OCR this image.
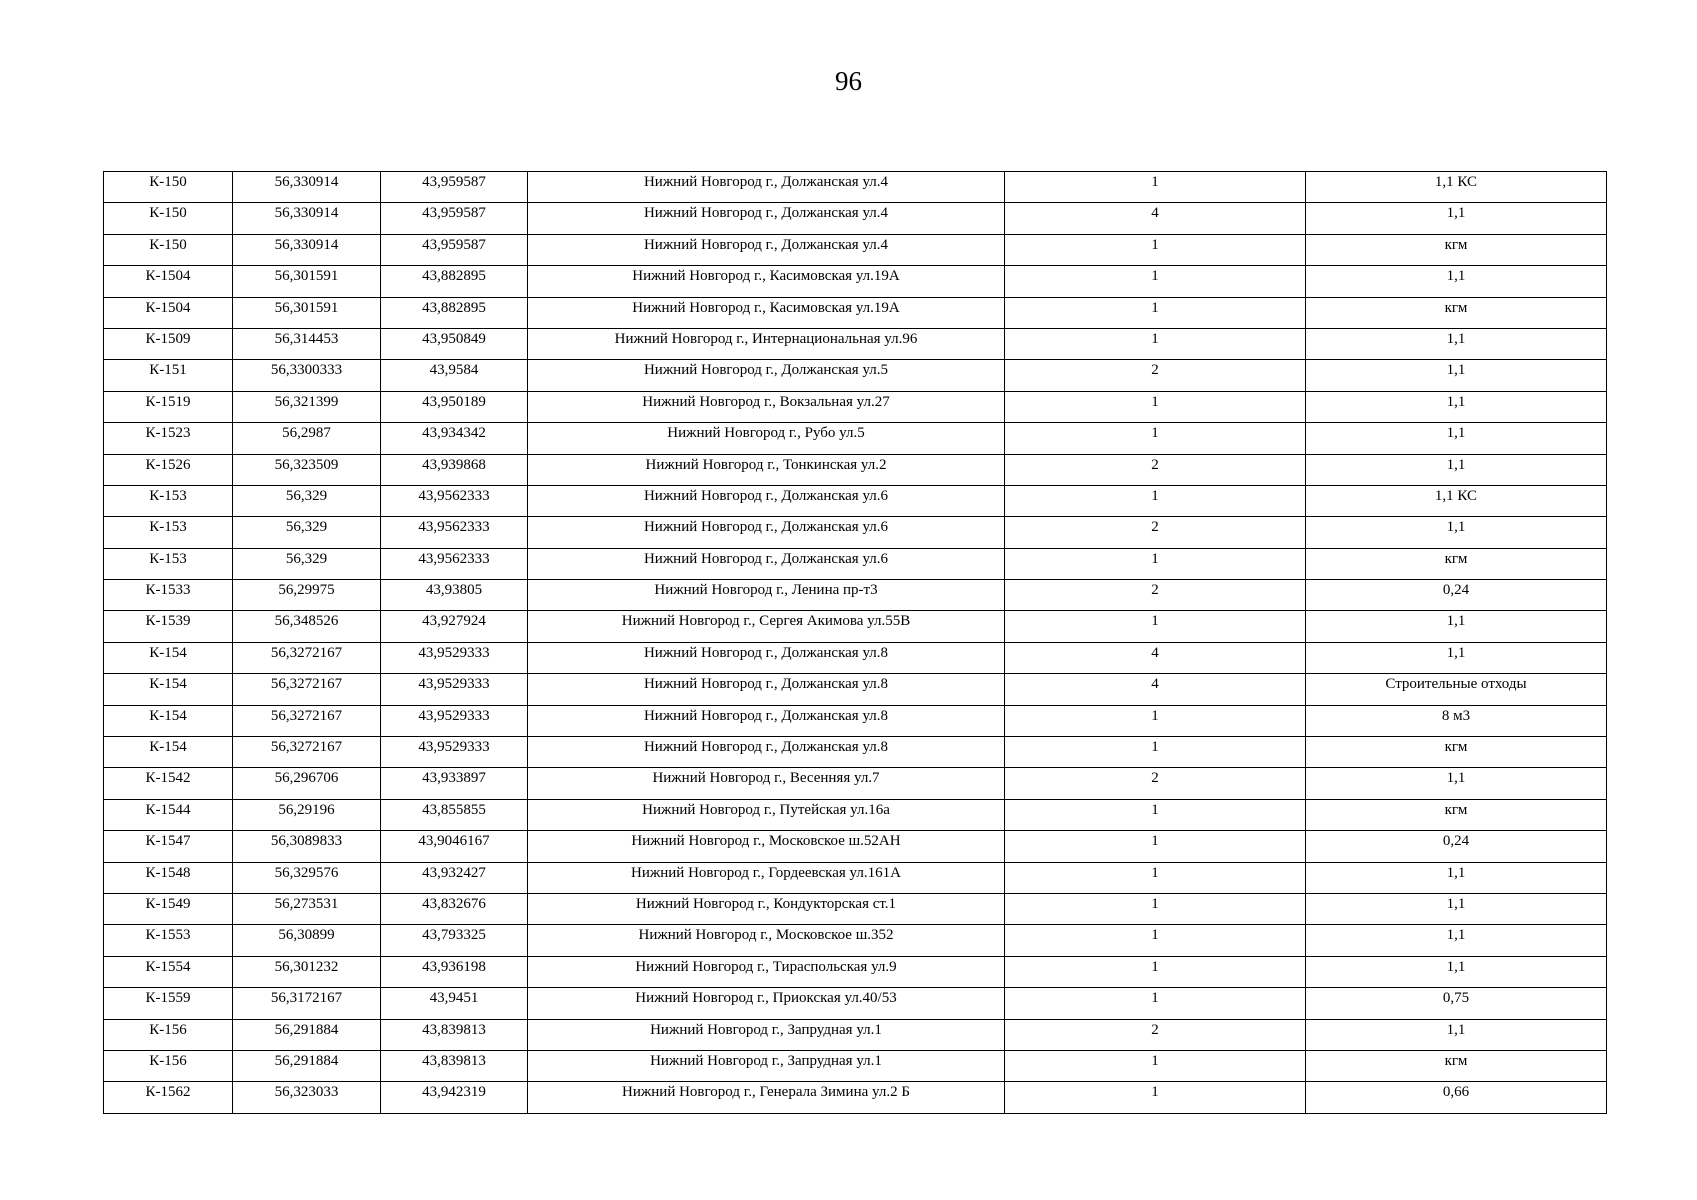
96
К-150	56,330914	43,959587	Нижний Новгород г., Должанская ул.4	1	1,1 КС
К-150	56,330914	43,959587	Нижний Новгород г., Должанская ул.4	4	1,1
К-150	56,330914	43,959587	Нижний Новгород г., Должанская ул.4	1	кгм
К-1504	56,301591	43,882895	Нижний Новгород г., Касимовская ул.19А	1	1,1
К-1504	56,301591	43,882895	Нижний Новгород г., Касимовская ул.19А	1	кгм
К-1509	56,314453	43,950849	Нижний Новгород г., Интернациональная ул.96	1	1,1
К-151	56,3300333	43,9584	Нижний Новгород г., Должанская ул.5	2	1,1
К-1519	56,321399	43,950189	Нижний Новгород г., Вокзальная ул.27	1	1,1
К-1523	56,2987	43,934342	Нижний Новгород г., Рубо ул.5	1	1,1
К-1526	56,323509	43,939868	Нижний Новгород г., Тонкинская ул.2	2	1,1
К-153	56,329	43,9562333	Нижний Новгород г., Должанская ул.6	1	1,1 КС
К-153	56,329	43,9562333	Нижний Новгород г., Должанская ул.6	2	1,1
К-153	56,329	43,9562333	Нижний Новгород г., Должанская ул.6	1	кгм
К-1533	56,29975	43,93805	Нижний Новгород г., Ленина пр-т3	2	0,24
К-1539	56,348526	43,927924	Нижний Новгород г., Сергея Акимова ул.55В	1	1,1
К-154	56,3272167	43,9529333	Нижний Новгород г., Должанская ул.8	4	1,1
К-154	56,3272167	43,9529333	Нижний Новгород г., Должанская ул.8	4	Строительные отходы
К-154	56,3272167	43,9529333	Нижний Новгород г., Должанская ул.8	1	8 м3
К-154	56,3272167	43,9529333	Нижний Новгород г., Должанская ул.8	1	кгм
К-1542	56,296706	43,933897	Нижний Новгород г., Весенняя ул.7	2	1,1
К-1544	56,29196	43,855855	Нижний Новгород г., Путейская ул.16а	1	кгм
К-1547	56,3089833	43,9046167	Нижний Новгород г., Московское ш.52АН	1	0,24
К-1548	56,329576	43,932427	Нижний Новгород г., Гордеевская ул.161А	1	1,1
К-1549	56,273531	43,832676	Нижний Новгород г., Кондукторская ст.1	1	1,1
К-1553	56,30899	43,793325	Нижний Новгород г., Московское ш.352	1	1,1
К-1554	56,301232	43,936198	Нижний Новгород г., Тираспольская ул.9	1	1,1
К-1559	56,3172167	43,9451	Нижний Новгород г., Приокская ул.40/53	1	0,75
К-156	56,291884	43,839813	Нижний Новгород г., Запрудная ул.1	2	1,1
К-156	56,291884	43,839813	Нижний Новгород г., Запрудная ул.1	1	кгм
К-1562	56,323033	43,942319	Нижний Новгород г., Генерала Зимина ул.2 Б	1	0,66
